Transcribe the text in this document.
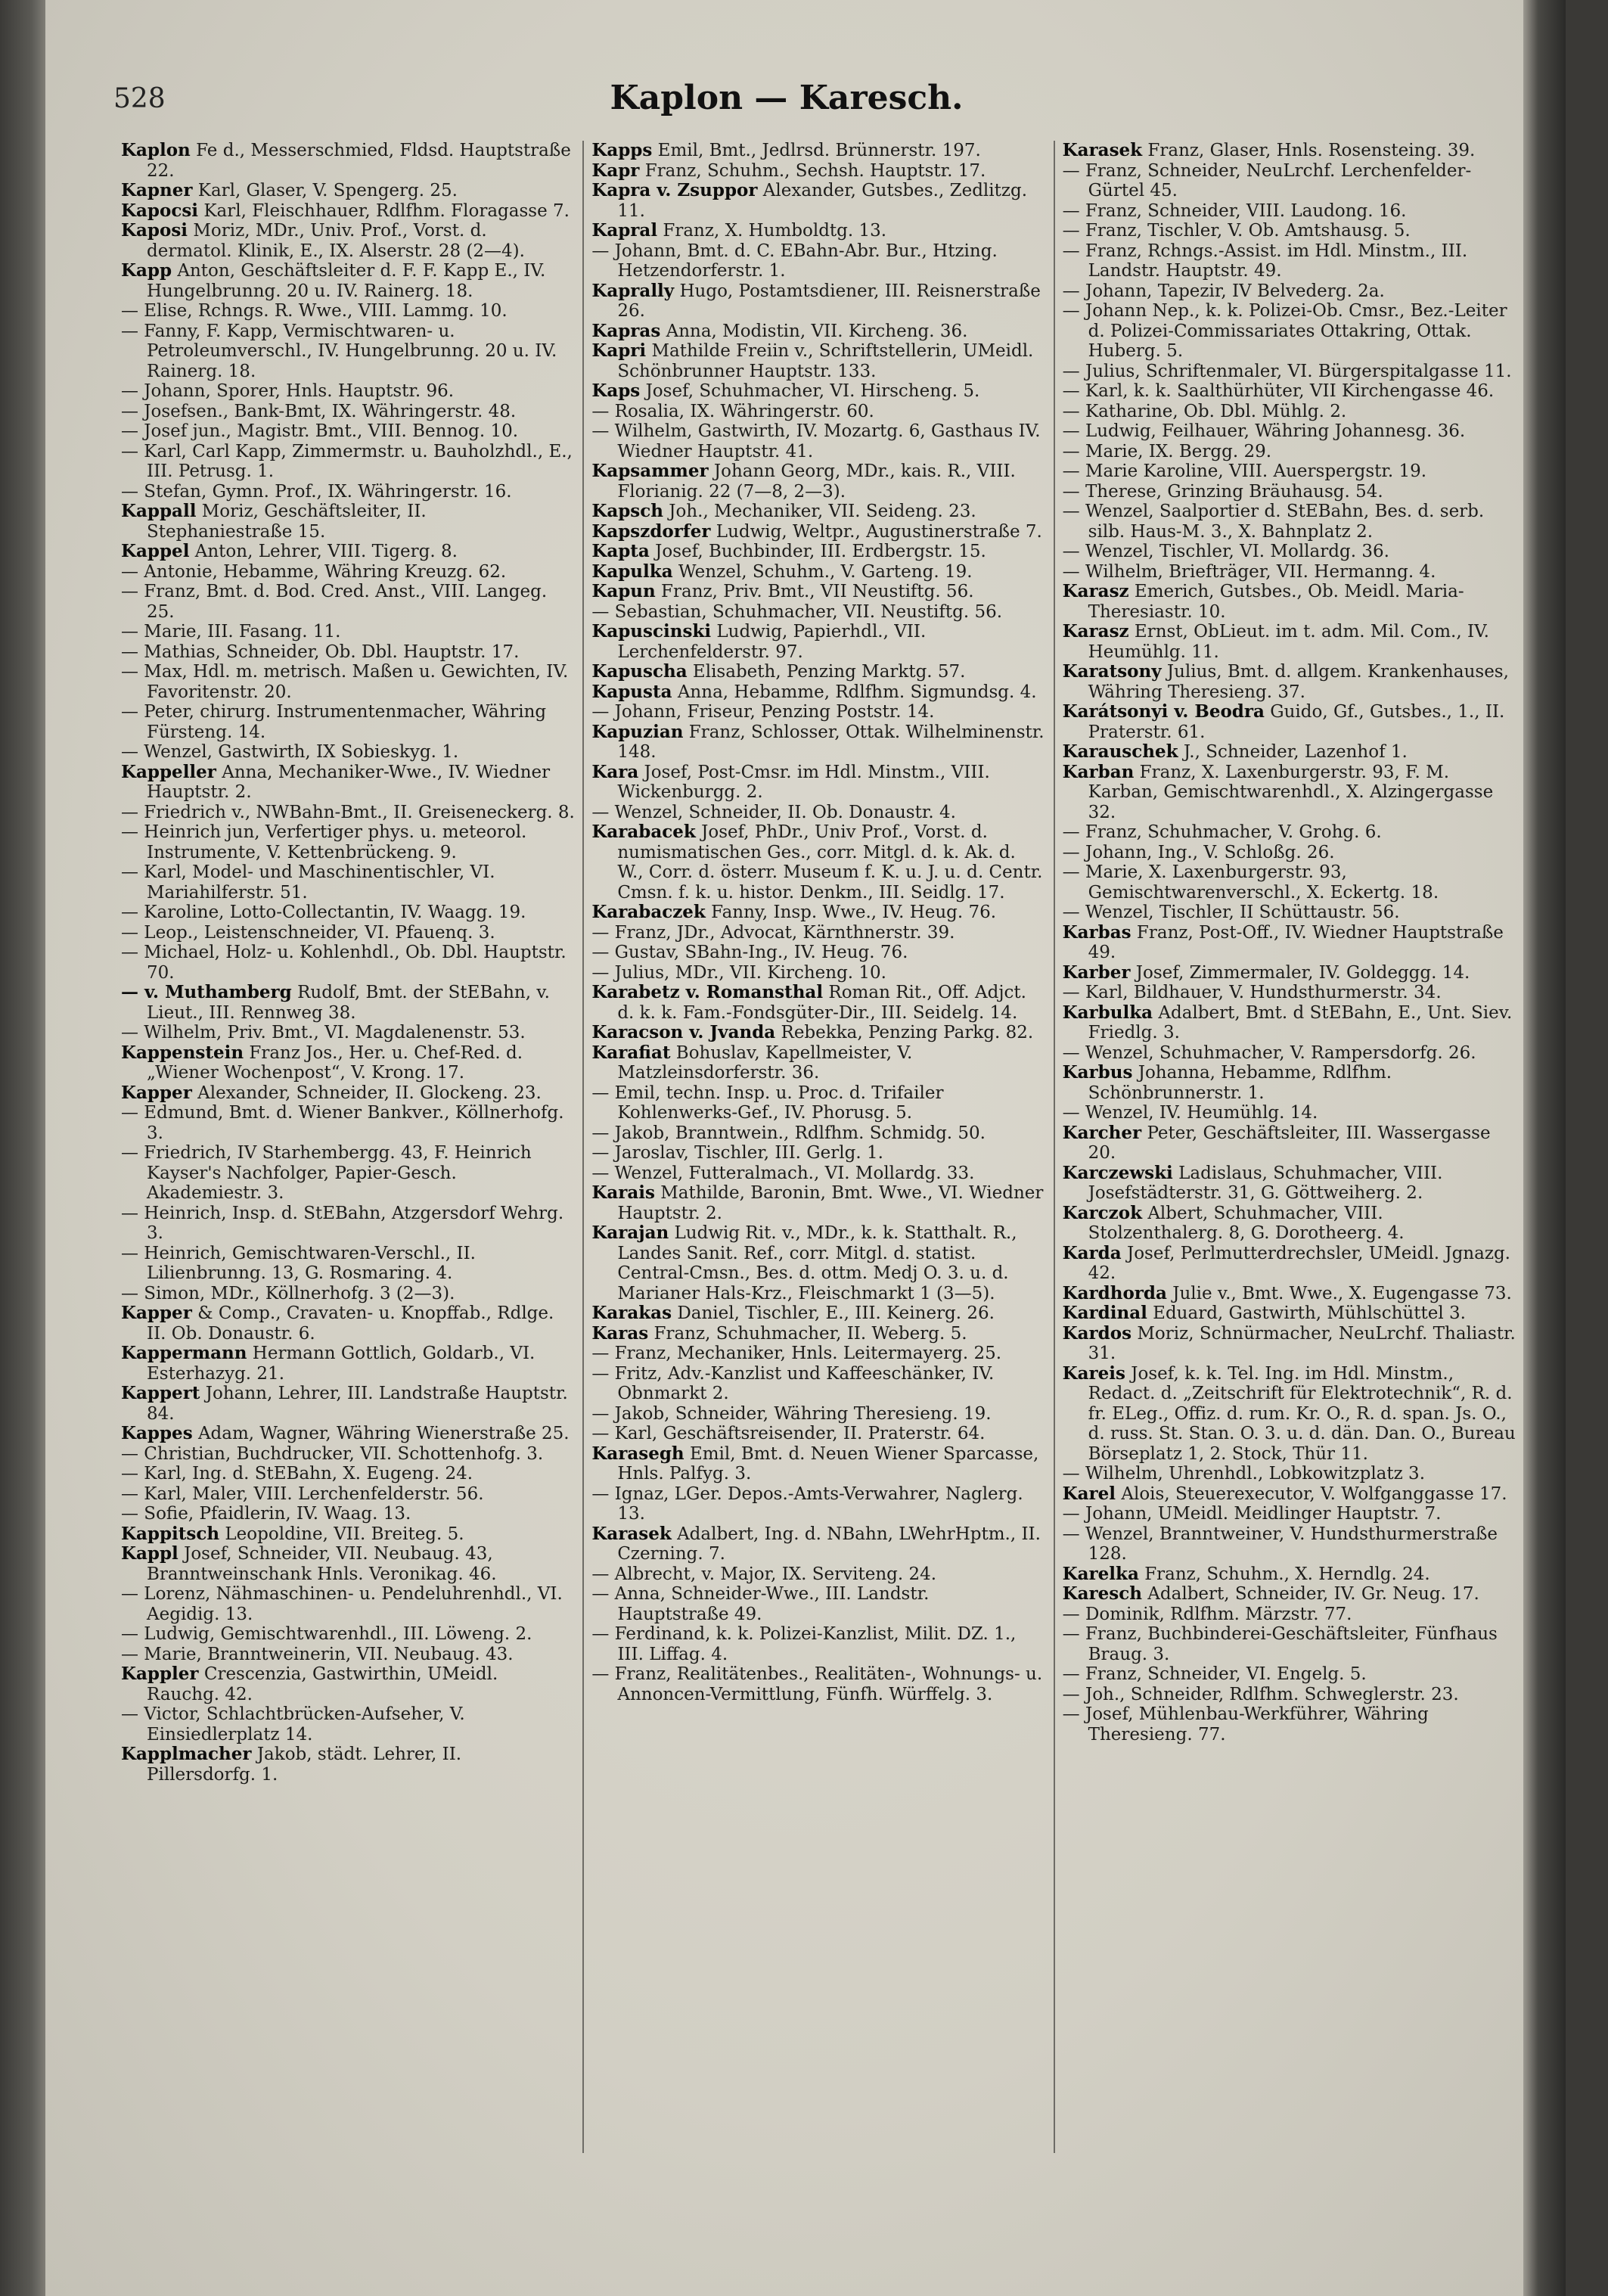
528	Kaplon — Karesch.

Kaplon Fe d., Messerschmied, Fldsd. Hauptstraße 22.

Kapner Karl, Glaser, V. Spengerg. 25.

Kapocsi Karl, Fleischhauer, Rdlfhm. Floragasse 7.

Kaposi Moriz, MDr., Univ. Prof., Vorst. d. dermatol. Klinik, E., IX. Alserstr. 28 (2—4).

Kapp Anton, Geschäftsleiter d. F. F. Kapp E., IV. Hungelbrunng. 20 u. IV. Rainerg. 18.

— Elise, Rchngs. R. Wwe., VIII. Lammg. 10.

— Fanny, F. Kapp, Vermischtwaren- u. Petroleumverschl., IV. Hungelbrunng. 20 u. IV. Rainerg. 18.

— Johann, Sporer, Hnls. Hauptstr. 96.

— Josefsen., Bank-Bmt, IX. Währingerstr. 48.

— Josef jun., Magistr. Bmt., VIII. Bennog. 10.

— Karl, Carl Kapp, Zimmermstr. u. Bauholzhdl., E., III. Petrusg. 1.

— Stefan, Gymn. Prof., IX. Währingerstr. 16.

Kappall Moriz, Geschäftsleiter, II. Stephaniestraße 15.

Kappel Anton, Lehrer, VIII. Tigerg. 8.

— Antonie, Hebamme, Währing Kreuzg. 62.

— Franz, Bmt. d. Bod. Cred. Anst., VIII. Langeg. 25.

— Marie, III. Fasang. 11.

— Mathias, Schneider, Ob. Dbl. Hauptstr. 17.

— Max, Hdl. m. metrisch. Maßen u. Gewichten, IV. Favoritenstr. 20.

— Peter, chirurg. Instrumentenmacher, Währing Fürsteng. 14.

— Wenzel, Gastwirth, IX Sobieskyg. 1.

Kappeller Anna, Mechaniker-Wwe., IV. Wiedner Hauptstr. 2.

— Friedrich v., NWBahn-Bmt., II. Greiseneckerg. 8.

— Heinrich jun, Verfertiger phys. u. meteorol. Instrumente, V. Kettenbrückeng. 9.

— Karl, Model- und Maschinentischler, VI. Mariahilferstr. 51.

— Karoline, Lotto-Collectantin, IV. Waagg. 19.

— Leop., Leistenschneider, VI. Pfauenq. 3.

— Michael, Holz- u. Kohlenhdl., Ob. Dbl. Hauptstr. 70.

— v. Muthamberg Rudolf, Bmt. der StEBahn, v. Lieut., III. Rennweg 38.

— Wilhelm, Priv. Bmt., VI. Magdalenenstr. 53.

Kappenstein Franz Jos., Her. u. Chef-Red. d. „Wiener Wochenpost“, V. Krong. 17.

Kapper Alexander, Schneider, II. Glockeng. 23.

— Edmund, Bmt. d. Wiener Bankver., Köllnerhofg. 3.

— Friedrich, IV Starhembergg. 43, F. Heinrich Kayser's Nachfolger, Papier-Gesch. Akademiestr. 3.

— Heinrich, Insp. d. StEBahn, Atzgersdorf Wehrg. 3.

— Heinrich, Gemischtwaren-Verschl., II. Lilienbrunng. 13, G. Rosmaring. 4.

— Simon, MDr., Köllnerhofg. 3 (2—3).

Kapper & Comp., Cravaten- u. Knopffab., Rdlge. II. Ob. Donaustr. 6.

Kappermann Hermann Gottlich, Goldarb., VI. Esterhazyg. 21.

Kappert Johann, Lehrer, III. Landstraße Hauptstr. 84.

Kappes Adam, Wagner, Währing Wienerstraße 25.

— Christian, Buchdrucker, VII. Schottenhofg. 3.

— Karl, Ing. d. StEBahn, X. Eugeng. 24.

— Karl, Maler, VIII. Lerchenfelderstr. 56.

— Sofie, Pfaidlerin, IV. Waag. 13.

Kappitsch Leopoldine, VII. Breiteg. 5.

Kappl Josef, Schneider, VII. Neubaug. 43, Branntweinschank Hnls. Veronikag. 46.

— Lorenz, Nähmaschinen- u. Pendeluhrenhdl., VI. Aegidig. 13.

— Ludwig, Gemischtwarenhdl., III. Löweng. 2.

— Marie, Branntweinerin, VII. Neubaug. 43.

Kappler Crescenzia, Gastwirthin, UMeidl. Rauchg. 42.

— Victor, Schlachtbrücken-Aufseher, V. Einsiedlerplatz 14.

Kapplmacher Jakob, städt. Lehrer, II. Pillersdorfg. 1.

Kapps Emil, Bmt., Jedlrsd. Brünnerstr. 197.

Kapr Franz, Schuhm., Sechsh. Hauptstr. 17.

Kapra v. Zsuppor Alexander, Gutsbes., Zedlitzg. 11.

Kapral Franz, X. Humboldtg. 13.

— Johann, Bmt. d. C. EBahn-Abr. Bur., Htzing. Hetzendorferstr. 1.

Kaprally Hugo, Postamtsdiener, III. Reisnerstraße 26.

Kapras Anna, Modistin, VII. Kircheng. 36.

Kapri Mathilde Freiin v., Schriftstellerin, UMeidl. Schönbrunner Hauptstr. 133.

Kaps Josef, Schuhmacher, VI. Hirscheng. 5.

— Rosalia, IX. Währingerstr. 60.

— Wilhelm, Gastwirth, IV. Mozartg. 6, Gasthaus IV. Wiedner Hauptstr. 41.

Kapsammer Johann Georg, MDr., kais. R., VIII. Florianig. 22 (7—8, 2—3).

Kapsch Joh., Mechaniker, VII. Seideng. 23.

Kapszdorfer Ludwig, Weltpr., Augustinerstraße 7.

Kapta Josef, Buchbinder, III. Erdbergstr. 15.

Kapulka Wenzel, Schuhm., V. Garteng. 19.

Kapun Franz, Priv. Bmt., VII Neustiftg. 56.

— Sebastian, Schuhmacher, VII. Neustiftg. 56.

Kapuscinski Ludwig, Papierhdl., VII. Lerchenfelderstr. 97.

Kapuscha Elisabeth, Penzing Marktg. 57.

Kapusta Anna, Hebamme, Rdlfhm. Sigmundsg. 4.

— Johann, Friseur, Penzing Poststr. 14.

Kapuzian Franz, Schlosser, Ottak. Wilhelminenstr. 148.

Kara Josef, Post-Cmsr. im Hdl. Minstm., VIII. Wickenburgg. 2.

— Wenzel, Schneider, II. Ob. Donaustr. 4.

Karabacek Josef, PhDr., Univ Prof., Vorst. d. numismatischen Ges., corr. Mitgl. d. k. Ak. d. W., Corr. d. österr. Museum f. K. u. J. u. d. Centr. Cmsn. f. k. u. histor. Denkm., III. Seidlg. 17.

Karabaczek Fanny, Insp. Wwe., IV. Heug. 76.

— Franz, JDr., Advocat, Kärnthnerstr. 39.

— Gustav, SBahn-Ing., IV. Heug. 76.

— Julius, MDr., VII. Kircheng. 10.

Karabetz v. Romansthal Roman Rit., Off. Adjct. d. k. k. Fam.-Fondsgüter-Dir., III. Seidelg. 14.

Karacson v. Jvanda Rebekka, Penzing Parkg. 82.

Karafiat Bohuslav, Kapellmeister, V. Matzleinsdorferstr. 36.

— Emil, techn. Insp. u. Proc. d. Trifailer Kohlenwerks-Gef., IV. Phorusg. 5.

— Jakob, Branntwein., Rdlfhm. Schmidg. 50.

— Jaroslav, Tischler, III. Gerlg. 1.

— Wenzel, Futteralmach., VI. Mollardg. 33.

Karais Mathilde, Baronin, Bmt. Wwe., VI. Wiedner Hauptstr. 2.

Karajan Ludwig Rit. v., MDr., k. k. Statthalt. R., Landes Sanit. Ref., corr. Mitgl. d. statist. Central-Cmsn., Bes. d. ottm. Medj O. 3. u. d. Marianer Hals-Krz., Fleischmarkt 1 (3—5).

Karakas Daniel, Tischler, E., III. Keinerg. 26.

Karas Franz, Schuhmacher, II. Weberg. 5.

— Franz, Mechaniker, Hnls. Leitermayerg. 25.

— Fritz, Adv.-Kanzlist und Kaffeeschänker, IV. Obnmarkt 2.

— Jakob, Schneider, Währing Theresieng. 19.

— Karl, Geschäftsreisender, II. Praterstr. 64.

Karasegh Emil, Bmt. d. Neuen Wiener Sparcasse, Hnls. Palfyg. 3.

— Ignaz, LGer. Depos.-Amts-Verwahrer, Naglerg. 13.

Karasek Adalbert, Ing. d. NBahn, LWehrHptm., II. Czerning. 7.

— Albrecht, v. Major, IX. Serviteng. 24.

— Anna, Schneider-Wwe., III. Landstr. Hauptstraße 49.

— Ferdinand, k. k. Polizei-Kanzlist, Milit. DZ. 1., III. Liffag. 4.

— Franz, Realitätenbes., Realitäten-, Wohnungs- u. Annoncen-Vermittlung, Fünfh. Würffelg. 3.

Karasek Franz, Glaser, Hnls. Rosensteing. 39.

— Franz, Schneider, NeuLrchf. Lerchenfelder-Gürtel 45.

— Franz, Schneider, VIII. Laudong. 16.

— Franz, Tischler, V. Ob. Amtshausg. 5.

— Franz, Rchngs.-Assist. im Hdl. Minstm., III. Landstr. Hauptstr. 49.

— Johann, Tapezir, IV Belvederg. 2a.

— Johann Nep., k. k. Polizei-Ob. Cmsr., Bez.-Leiter d. Polizei-Commissariates Ottakring, Ottak. Huberg. 5.

— Julius, Schriftenmaler, VI. Bürgerspitalgasse 11.

— Karl, k. k. Saalthürhüter, VII Kirchengasse 46.

— Katharine, Ob. Dbl. Mühlg. 2.

— Ludwig, Feilhauer, Währing Johannesg. 36.

— Marie, IX. Bergg. 29.

— Marie Karoline, VIII. Auerspergstr. 19.

— Therese, Grinzing Bräuhausg. 54.

— Wenzel, Saalportier d. StEBahn, Bes. d. serb. silb. Haus-M. 3., X. Bahnplatz 2.

— Wenzel, Tischler, VI. Mollardg. 36.

— Wilhelm, Briefträger, VII. Hermanng. 4.

Karasz Emerich, Gutsbes., Ob. Meidl. Maria-Theresiastr. 10.

Karasz Ernst, ObLieut. im t. adm. Mil. Com., IV. Heumühlg. 11.

Karatsony Julius, Bmt. d. allgem. Krankenhauses, Währing Theresieng. 37.

Karátsonyi v. Beodra Guido, Gf., Gutsbes., 1., II. Praterstr. 61.

Karauschek J., Schneider, Lazenhof 1.

Karban Franz, X. Laxenburgerstr. 93, F. M. Karban, Gemischtwarenhdl., X. Alzingergasse 32.

— Franz, Schuhmacher, V. Grohg. 6.

— Johann, Ing., V. Schloßg. 26.

— Marie, X. Laxenburgerstr. 93, Gemischtwarenverschl., X. Eckertg. 18.

— Wenzel, Tischler, II Schüttaustr. 56.

Karbas Franz, Post-Off., IV. Wiedner Hauptstraße 49.

Karber Josef, Zimmermaler, IV. Goldeggg. 14.

— Karl, Bildhauer, V. Hundsthurmerstr. 34.

Karbulka Adalbert, Bmt. d StEBahn, E., Unt. Siev. Friedlg. 3.

— Wenzel, Schuhmacher, V. Rampersdorfg. 26.

Karbus Johanna, Hebamme, Rdlfhm. Schönbrunnerstr. 1.

— Wenzel, IV. Heumühlg. 14.

Karcher Peter, Geschäftsleiter, III. Wassergasse 20.

Karczewski Ladislaus, Schuhmacher, VIII. Josefstädterstr. 31, G. Göttweiherg. 2.

Karczok Albert, Schuhmacher, VIII. Stolzenthalerg. 8, G. Dorotheerg. 4.

Karda Josef, Perlmutterdrechsler, UMeidl. Jgnazg. 42.

Kardhorda Julie v., Bmt. Wwe., X. Eugengasse 73.

Kardinal Eduard, Gastwirth, Mühlschüttel 3.

Kardos Moriz, Schnürmacher, NeuLrchf. Thaliastr. 31.

Kareis Josef, k. k. Tel. Ing. im Hdl. Minstm., Redact. d. „Zeitschrift für Elektrotechnik“, R. d. fr. ELeg., Offiz. d. rum. Kr. O., R. d. span. Js. O., d. russ. St. Stan. O. 3. u. d. dän. Dan. O., Bureau Börseplatz 1, 2. Stock, Thür 11.

— Wilhelm, Uhrenhdl., Lobkowitzplatz 3.

Karel Alois, Steuerexecutor, V. Wolfganggasse 17.

— Johann, UMeidl. Meidlinger Hauptstr. 7.

— Wenzel, Branntweiner, V. Hundsthurmerstraße 128.

Karelka Franz, Schuhm., X. Herndlg. 24.

Karesch Adalbert, Schneider, IV. Gr. Neug. 17.

— Dominik, Rdlfhm. Märzstr. 77.

— Franz, Buchbinderei-Geschäftsleiter, Fünfhaus Braug. 3.

— Franz, Schneider, VI. Engelg. 5.

— Joh., Schneider, Rdlfhm. Schweglerstr. 23.

— Josef, Mühlenbau-Werkführer, Währing Theresieng. 77.
